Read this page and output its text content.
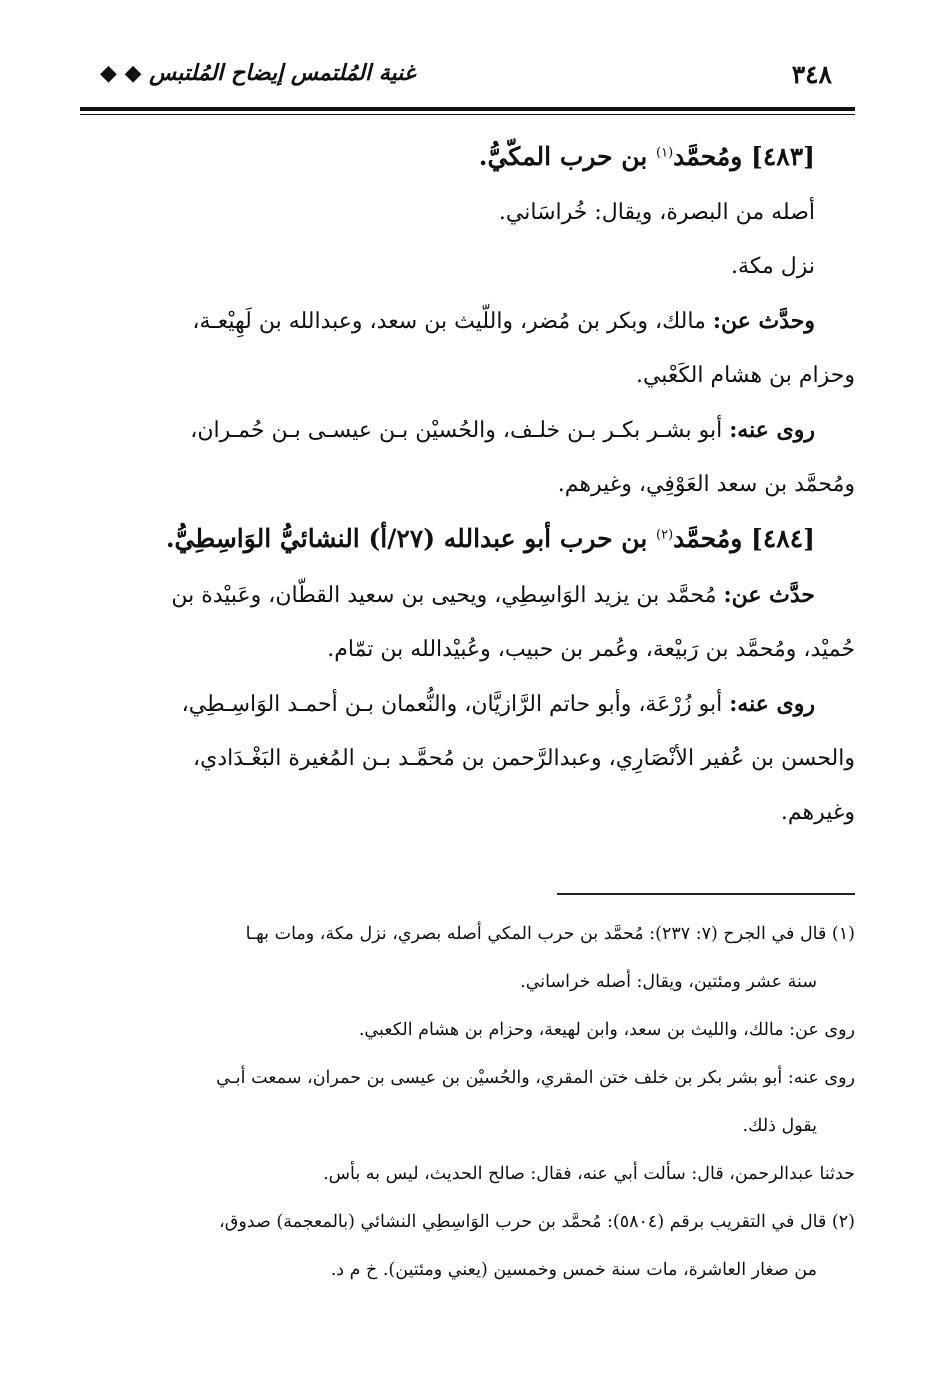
٣٤٨
غنية المُلتمس إيضاح المُلتبس ◆ ◆

[٤٨٣] ومُحمَّد$^{(١)}$ بن حرب المكّيُّ.

أصله من البصرة، ويقال: خُراسَاني.

نزل مكة.

وحدَّث عن: مالك، وبكر بن مُضر، واللّيث بن سعد، وعبدالله بن لَهِيْعـة،

وحزام بن هشام الكَعْبي.

روى عنه: أبو بشـر بكـر بـن خلـف، والحُسيْن بـن عيسـى بـن حُمـران،

ومُحمَّد بن سعد العَوْفِي، وغيرهم.

[٤٨٤] ومُحمَّد$^{(٢)}$ بن حرب أبو عبدالله (٢٧/أ) النشائيُّ الوَاسِطِيُّ.

حدَّث عن: مُحمَّد بن يزيد الوَاسِطِي، ويحيى بن سعيد القطّان، وعَبيْدة بن

حُميْد، ومُحمَّد بن رَبيْعة، وعُمر بن حبيب، وعُبيْدالله بن تمّام.

روى عنه: أبو زُرْعَة، وأبو حاتم الرَّازيَّان، والنُّعمان بـن أحمـد الوَاسِـطِي،

والحسن بن عُفير الأنْصَارِي، وعبدالرَّحمن بن مُحمَّـد بـن المُغيرة البَغْـدَادي،

وغيرهم.

(١) قال في الجرح (٧: ٢٣٧): مُحمَّد بن حرب المكي أصله بصري، نزل مكة، ومات بهـا

سنة عشر ومئتين، ويقال: أصله خراساني.

روى عن: مالك، والليث بن سعد، وابن لهيعة، وحزام بن هشام الكعبي.

روى عنه: أبو بشر بكر بن خلف ختن المقري، والحُسيْن بن عيسى بن حمران، سمعت أبـي

يقول ذلك.

حدثنا عبدالرحمن، قال: سألت أبي عنه، فقال: صالح الحديث، ليس به بأس.

(٢) قال في التقريب برقم (٥٨٠٤): مُحمَّد بن حرب الوَاسِطِي النشائي (بالمعجمة) صدوق،

من صغار العاشرة، مات سنة خمس وخمسين (يعني ومئتين). خ م د.
